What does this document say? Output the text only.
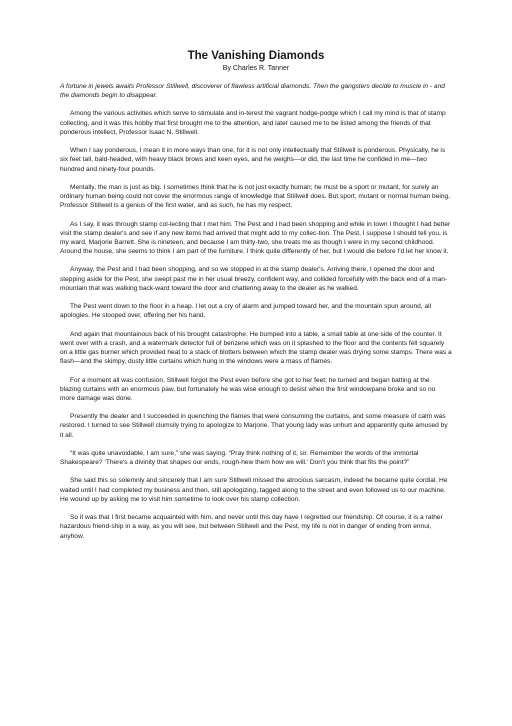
The Vanishing Diamonds
By Charles R. Tanner

A fortune in jewels awaits Professor Stillwell, discoverer of flawless artificial diamonds. Then the gangsters decide to muscle in - and the diamonds begin to disappear.

Among the various activities which serve to stimulate and in-terest the vagrant hodge-podge which I call my mind is that of stamp collecting, and it was this hobby that first brought me to the attention, and later caused me to be listed among the friends of that ponderous intellect, Professor Isaac N. Stillwell.

When I say ponderous, I mean it in more ways than one, for it is not only intellectually that Stillwell is ponderous. Physically, he is six feet tall, bald-headed, with heavy black brows and keen eyes, and he weighs—or did, the last time he confided in me—two hundred and ninety-four pounds.

Mentally, the man is just as big. I sometimes think that he is not just exactly human; he must be a sport or mutant, for surely an ordinary human being could not cover the enormous range of knowledge that Stillwell does. But sport, mutant or normal human being, Professor Stillwell is a genius of the first water, and as such, he has my respect.

As I say, it was through stamp col-lecting that I met him. The Pest and I had been shopping and while in town I thought I had better visit the stamp dealer's and see if any new items had arrived that might add to my collec-tion. The Pest, I suppose I should tell you, is my ward, Marjorie Barrett. She is nineteen, and because I am thirty-two, she treats me as though I were in my second childhood. Around the house, she seems to think I am part of the furniture. I think quite differently of her, but I would die before I'd let her know it.

Anyway, the Pest and I had been shopping, and so we stopped in at the stamp dealer's. Arriving there, I opened the door and stepping aside for the Pest, she swept past me in her usual breezy, confident way, and collided forcefully with the back end of a man-mountain that was walking back-ward toward the door and chattering away to the dealer as he walked.

The Pest went down to the floor in a heap. I let out a cry of alarm and jumped toward her, and the mountain spun around, all apologies. He stooped over, offering her his hand.

And again that mountainous back of his brought catastrophe. He bumped into a table, a small table at one side of the counter. It went over with a crash, and a watermark detector full of benzene which was on it splashed to the floor and the contents fell squarely on a little gas burner which provided heat to a stack of blotters between which the stamp dealer was drying some stamps. There was a flash—and the skimpy, dusty little curtains which hung in the windows were a mass of flames.

For a moment all was confusion. Stillwell forgot the Pest even before she got to her feet; he turned and began batting at the blazing curtains with an enormous paw, but fortunately he was wise enough to desist when the first windowpane broke and so no more damage was done.

Presently the dealer and I succeeded in quenching the flames that were consuming the curtains, and some measure of calm was restored. I turned to see Stillwell clumsily trying to apologize to Marjorie. That young lady was unhurt and apparently quite amused by it all.

“It was quite unavoidable, I am sure,” she was saying. “Pray think nothing of it, sir. Remember the words of the immortal Shakespeare? ‘There's a divinity that shapes our ends, rough-hew them how we will.’ Don't you think that fits the point?”

She said this so solemnly and sincerely that I am sure Stillwell missed the atrocious sarcasm, indeed he became quite cordial. He waited until I had completed my business and then, still apologizing, tagged along to the street and even followed us to our machine. He wound up by asking me to visit him sometime to look over his stamp collection.

So it was that I first became acquainted with him, and never until this day have I regretted our friendship. Of course, it is a rather hazardous friend-ship in a way, as you will see, but between Stillwell and the Pest, my life is not in danger of ending from ennui, anyhow.
